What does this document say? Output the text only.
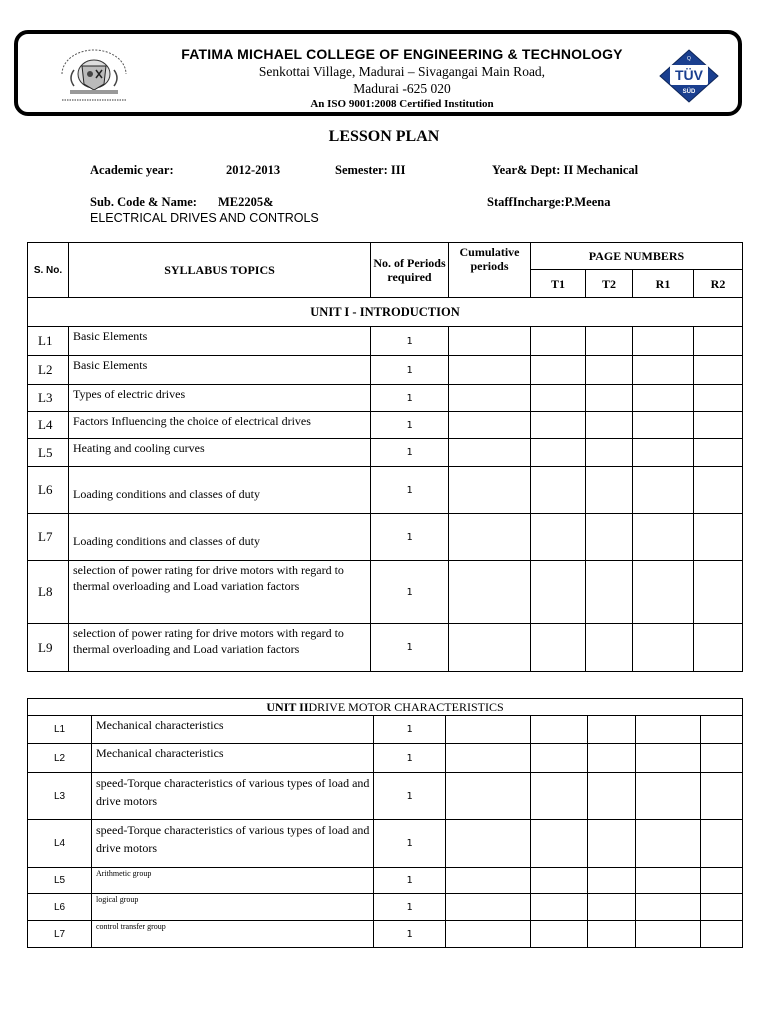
FATIMA MICHAEL COLLEGE OF ENGINEERING & TECHNOLOGY
Senkottai Village, Madurai – Sivagangai Main Road,
Madurai -625 020
An ISO 9001:2008 Certified Institution
TÜV
SÜD
Q
LESSON PLAN
Academic year:	2012-2013	Semester: III	Year& Dept: II Mechanical
Sub. Code & Name: ME2205&
ELECTRICAL DRIVES AND CONTROLS
StaffIncharge:P.Meena
S. No.	SYLLABUS TOPICS	No. of Periods required	Cumulative periods	PAGE NUMBERS			
				T1	T2	R1	R2
UNIT I - INTRODUCTION							
L1	Basic Elements	1					
L2	Basic Elements	1					
L3	Types of electric drives	1					
L4	Factors Influencing the choice of electrical drives	1					
L5	Heating and cooling curves	1					
L6	Loading conditions and classes of duty	1					
L7	Loading conditions and classes of duty	1					
L8	selection of power rating for drive motors with regard to thermal overloading and Load variation factors	1					
L9	selection of power rating for drive motors with regard to thermal overloading and Load variation factors	1					
UNIT IIDRIVE MOTOR CHARACTERISTICS							
L1	Mechanical characteristics	1					
L2	Mechanical characteristics	1					
L3	speed-Torque characteristics of various types of load and drive motors	1					
L4	speed-Torque characteristics of various types of load and drive motors	1					
L5	Arithmetic group	1					
L6	logical group	1					
L7	control transfer group	1					
